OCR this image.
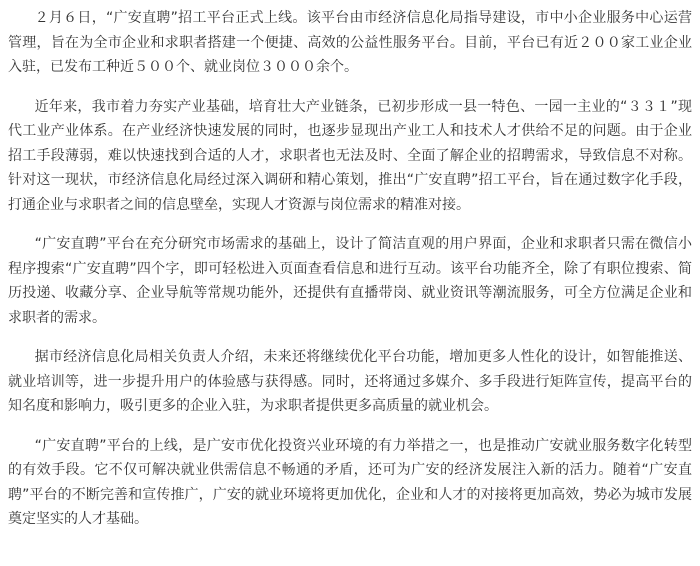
２月６日，“广安直聘”招工平台正式上线。该平台由市经济信息化局指导建设，市中小企业服务中心运营管理，旨在为全市企业和求职者搭建一个便捷、高效的公益性服务平台。目前，平台已有近２００家工业企业入驻，已发布工种近５００个、就业岗位３０００余个。

近年来，我市着力夯实产业基础，培育壮大产业链条，已初步形成一县一特色、一园一主业的“３３１”现代工业产业体系。在产业经济快速发展的同时，也逐步显现出产业工人和技术人才供给不足的问题。由于企业招工手段薄弱，难以快速找到合适的人才，求职者也无法及时、全面了解企业的招聘需求，导致信息不对称。针对这一现状，市经济信息化局经过深入调研和精心策划，推出“广安直聘”招工平台，旨在通过数字化手段，打通企业与求职者之间的信息壁垒，实现人才资源与岗位需求的精准对接。

“广安直聘”平台在充分研究市场需求的基础上，设计了简洁直观的用户界面，企业和求职者只需在微信小程序搜索“广安直聘”四个字，即可轻松进入页面查看信息和进行互动。该平台功能齐全，除了有职位搜索、简历投递、收藏分享、企业导航等常规功能外，还提供有直播带岗、就业资讯等潮流服务，可全方位满足企业和求职者的需求。

据市经济信息化局相关负责人介绍，未来还将继续优化平台功能，增加更多人性化的设计，如智能推送、就业培训等，进一步提升用户的体验感与获得感。同时，还将通过多媒介、多手段进行矩阵宣传，提高平台的知名度和影响力，吸引更多的企业入驻，为求职者提供更多高质量的就业机会。

“广安直聘”平台的上线，是广安市优化投资兴业环境的有力举措之一，也是推动广安就业服务数字化转型的有效手段。它不仅可解决就业供需信息不畅通的矛盾，还可为广安的经济发展注入新的活力。随着“广安直聘”平台的不断完善和宣传推广，广安的就业环境将更加优化，企业和人才的对接将更加高效，势必为城市发展奠定坚实的人才基础。
